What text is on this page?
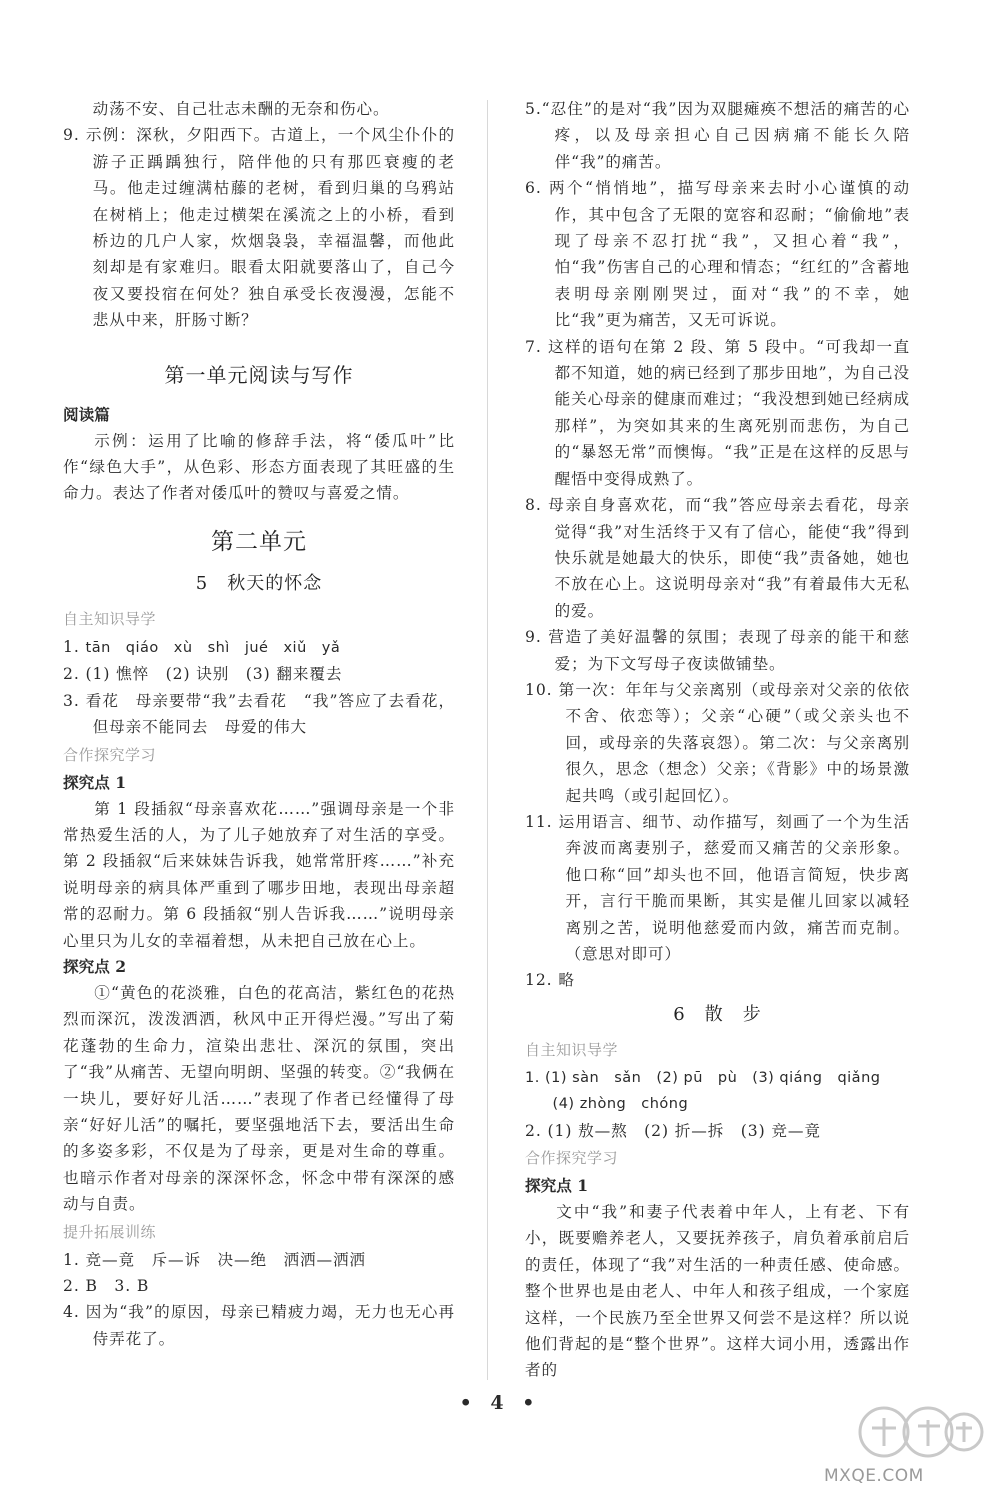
动荡不安、自己壮志未酬的无奈和伤心。

9. 示例：深秋，夕阳西下。古道上，一个风尘仆仆的游子正踽踽独行，陪伴他的只有那匹衰瘦的老马。他走过缠满枯藤的老树，看到归巢的乌鸦站在树梢上；他走过横架在溪流之上的小桥，看到桥边的几户人家，炊烟袅袅，幸福温馨，而他此刻却是有家难归。眼看太阳就要落山了，自己今夜又要投宿在何处？独自承受长夜漫漫，怎能不悲从中来，肝肠寸断？

第一单元阅读与写作
阅读篇

示例：运用了比喻的修辞手法，将“倭瓜叶”比作“绿色大手”，从色彩、形态方面表现了其旺盛的生命力。表达了作者对倭瓜叶的赞叹与喜爱之情。

第二单元
5　秋天的怀念
自主知识导学

1. tān　qiáo　xù　shì　jué　xiǔ　yǎ

2. (1) 憔悴　(2) 诀别　(3) 翻来覆去

3. 看花　母亲要带“我”去看花　“我”答应了去看花，但母亲不能同去　母爱的伟大

合作探究学习
探究点 1

第 1 段插叙“母亲喜欢花……”强调母亲是一个非常热爱生活的人，为了儿子她放弃了对生活的享受。第 2 段插叙“后来妹妹告诉我，她常常肝疼……”补充说明母亲的病具体严重到了哪步田地，表现出母亲超常的忍耐力。第 6 段插叙“别人告诉我……”说明母亲心里只为儿女的幸福着想，从未把自己放在心上。

探究点 2

①“黄色的花淡雅，白色的花高洁，紫红色的花热烈而深沉，泼泼洒洒，秋风中正开得烂漫。”写出了菊花蓬勃的生命力，渲染出悲壮、深沉的氛围，突出了“我”从痛苦、无望向明朗、坚强的转变。②“我俩在一块儿，要好好儿活……”表现了作者已经懂得了母亲“好好儿活”的嘱托，要坚强地活下去，要活出生命的多姿多彩，不仅是为了母亲，更是对生命的尊重。也暗示作者对母亲的深深怀念，怀念中带有深深的感动与自责。

提升拓展训练

1. 竞—竟　斥—诉　决—绝　洒洒—洒洒

2. B　3. B

4. 因为“我”的原因，母亲已精疲力竭，无力也无心再侍弄花了。

5.“忍住”的是对“我”因为双腿瘫痪不想活的痛苦的心疼，以及母亲担心自己因病痛不能长久陪伴“我”的痛苦。

6. 两个“悄悄地”，描写母亲来去时小心谨慎的动作，其中包含了无限的宽容和忍耐；“偷偷地”表现了母亲不忍打扰“我”，又担心着“我”，怕“我”伤害自己的心理和情态；“红红的”含蓄地表明母亲刚刚哭过，面对“我”的不幸，她比“我”更为痛苦，又无可诉说。

7. 这样的语句在第 2 段、第 5 段中。“可我却一直都不知道，她的病已经到了那步田地”，为自己没能关心母亲的健康而难过；“我没想到她已经病成那样”，为突如其来的生离死别而悲伤，为自己的“暴怒无常”而懊悔。“我”正是在这样的反思与醒悟中变得成熟了。

8. 母亲自身喜欢花，而“我”答应母亲去看花，母亲觉得“我”对生活终于又有了信心，能使“我”得到快乐就是她最大的快乐，即使“我”责备她，她也不放在心上。这说明母亲对“我”有着最伟大无私的爱。

9. 营造了美好温馨的氛围；表现了母亲的能干和慈爱；为下文写母子夜读做铺垫。

10. 第一次：年年与父亲离别（或母亲对父亲的依依不舍、依恋等）；父亲“心硬”（或父亲头也不回，或母亲的失落哀怨）。第二次：与父亲离别很久，思念（想念）父亲；《背影》中的场景激起共鸣（或引起回忆）。

11. 运用语言、细节、动作描写，刻画了一个为生活奔波而离妻别子，慈爱而又痛苦的父亲形象。他口称“回”却头也不回，他语言简短，快步离开，言行干脆而果断，其实是催儿回家以减轻离别之苦，说明他慈爱而内敛，痛苦而克制。（意思对即可）

12. 略

6　散　步
自主知识导学

1. (1) sàn　sǎn　(2) pū　pù　(3) qiáng　qiǎng

(4) zhòng　chóng

2. (1) 敖—熬　(2) 折—拆　(3) 竞—竟

合作探究学习
探究点 1

文中“我”和妻子代表着中年人，上有老、下有小，既要赡养老人，又要抚养孩子，肩负着承前启后的责任，体现了“我”对生活的一种责任感、使命感。整个世界也是由老人、中年人和孩子组成，一个家庭这样，一个民族乃至全世界又何尝不是这样？所以说他们背起的是“整个世界”。这样大词小用，透露出作者的

• 4 •
MXQE.COM
